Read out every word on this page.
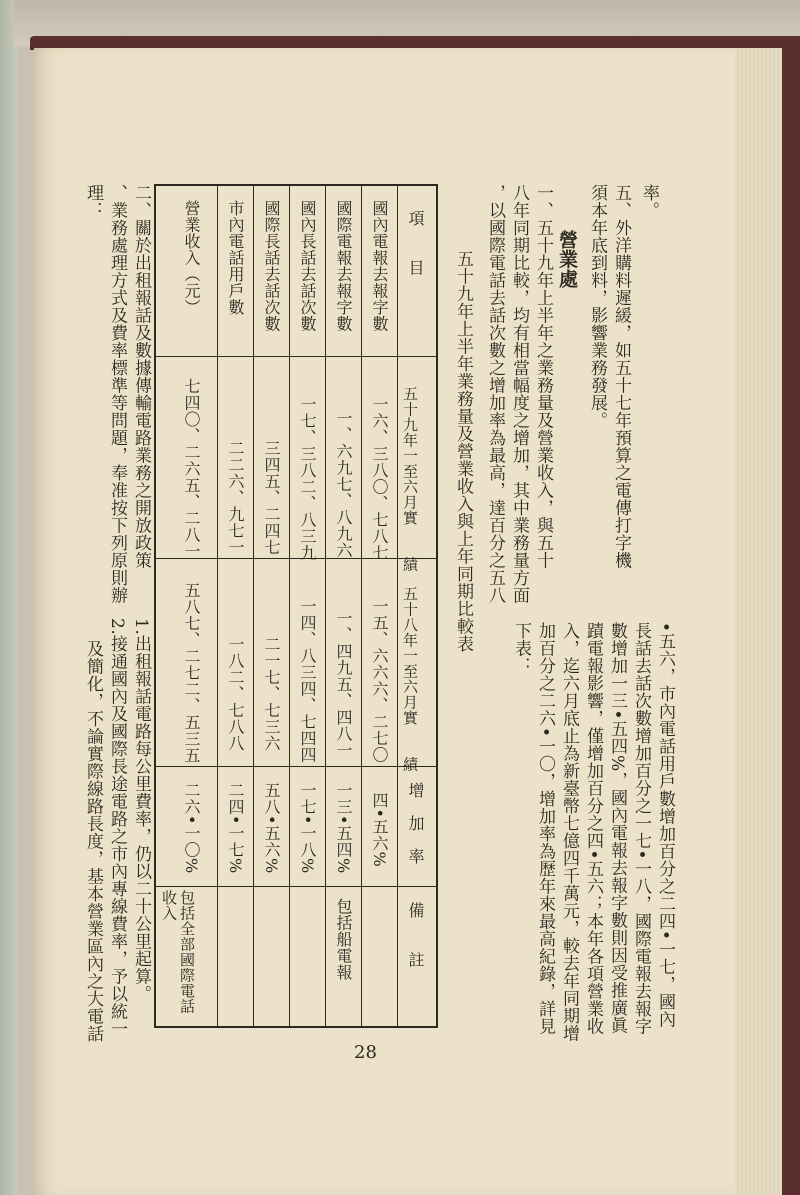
率。
五、外洋購料遲緩，如五十七年預算之電傳打字機
須本年底到料，影響業務發展。
營業處
一、五十九年上半年之業務量及營業收入，與五十
八年同期比較，均有相當幅度之增加，其中業務量方面
，以國際電話去話次數之增加率為最高，達百分之五八
•五六，市內電話用戶數增加百分之二四•一七，國內
長話去話次數增加百分之一七•一八，國際電報去報字
數增加一三•五四%，國內電報去報字數則因受推廣眞
蹟電報影響，僅增加百分之四•五六；本年各項營業收
入，迄六月底止為新臺幣七億四千萬元，較去年同期增
加百分之二六•一〇，增加率為歷年來最高紀錄，詳見
下表：
五十九年上半年業務量及營業收入與上年同期比較表
項　　目
五十九年一至六月實　　績
五十八年一至六月實　　績
增　加　率
備　　註
國內電報去報字數
一六、三八〇、七八七
一五、六六六、二七〇
四•五六%
國際電報去報字數
一、六九七、八九六
一、四九五、四八一
一三•五四%
包括船電報
國內長話去話次數
一七、三八二、八三九
一四、八三四、七四四
一七•一八%
國際長話去話次數
三四五、二四七
二一七、七三六
五八•五六%
市內電話用戶數
二二六、九七一
一八二、七八八
二四•一七%
營業收入（元）
七四〇、二六五、二八一
五八七、二七二、五三五
二六•一〇%
包括全部國際電話收入
二、關於出租報話及數據傳輸電路業務之開放政策
、業務處理方式及費率標準等問題，奉准按下列原則辦
理：
1.出租報話電路每公里費率，仍以二十公里起算。
2.接通國內及國際長途電路之市內專線費率，予以統一
及簡化，不論實際線路長度，基本營業區內之大電話
28
